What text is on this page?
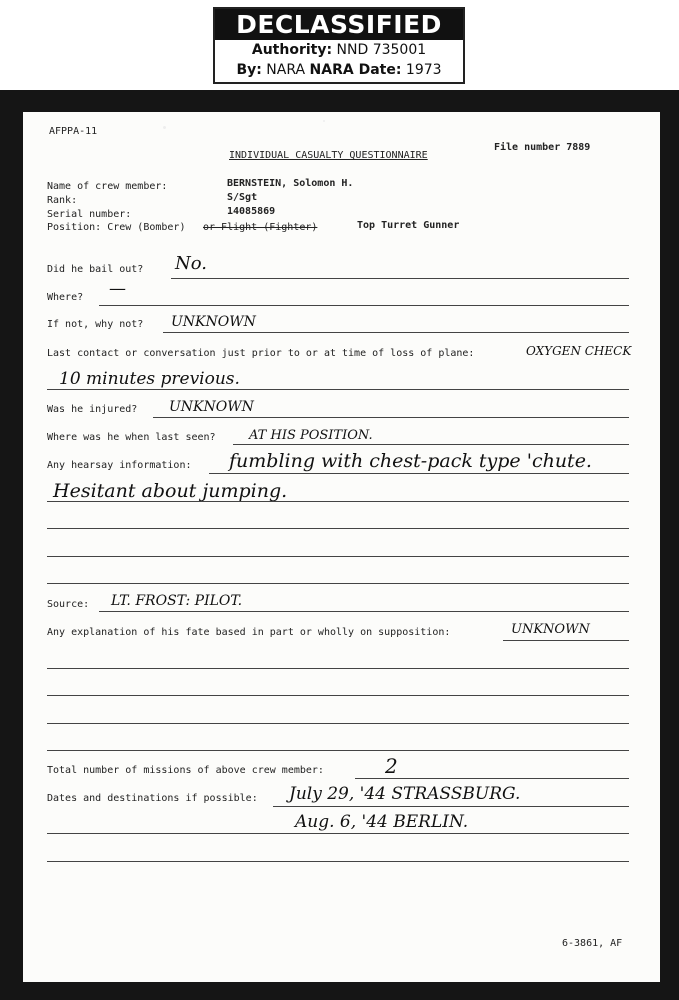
DECLASSIFIED
Authority: NND 735001
By: NARA NARA Date: 1973
AFPPA-11
INDIVIDUAL CASUALTY QUESTIONNAIRE
File number 7889
Name of crew member:	BERNSTEIN, Solomon H.
Rank:	S/Sgt
Serial number:	14085869
Position: Crew (Bomber) or Flight (Fighter)	Top Turret Gunner
Did he bail out? No.
Where? —
If not, why not? UNKNOWN
Last contact or conversation just prior to or at time of loss of plane:	OXYGEN CHECK
10 minutes previous.
Was he injured? UNKNOWN
Where was he when last seen?	AT HIS POSITION.
Any hearsay information: fumbling with chest-pack type 'chute.
Hesitant about jumping.
Source: LT. FROST: PILOT.
Any explanation of his fate based in part or wholly on supposition:	UNKNOWN
Total number of missions of above crew member:	2
Dates and destinations if possible: July 29, '44 STRASSBURG.
Aug. 6, '44 BERLIN.
6-3861, AF
